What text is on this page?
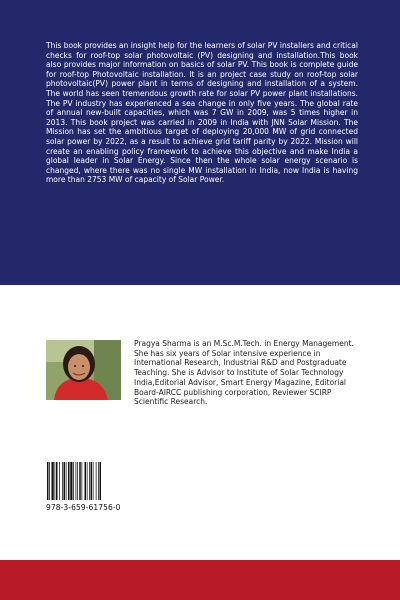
This book provides an insight help for the learners of solar PV installers and critical checks for roof-top solar photovoltaic (PV) designing and installation.This book also provides major information on basics of solar PV. This book is complete guide for roof-top Photovoltaic installation. It is an project case study on roof-top solar photovoltaic(PV) power plant in terms of designing and installation of a system. The world has seen tremendous growth rate for solar PV power plant installations. The PV industry has experienced a sea change in only five years. The global rate of annual new-built capacities, which was 7 GW in 2009, was 5 times higher in 2013. This book project was carried in 2009 in India with JNN Solar Mission. The Mission has set the ambitious target of deploying 20,000 MW of grid connected solar power by 2022, as a result to achieve grid tariff parity by 2022. Mission will create an enabling policy framework to achieve this objective and make India a global leader in Solar Energy. Since then the whole solar energy scenario is changed, where there was no single MW installation in India, now India is having more than 2753 MW of capacity of Solar Power.

Pragya Sharma is an M.Sc.M.Tech. in Energy Management. She has six years of Solar intensive experience in International Research, Industrial R&D and Postgraduate Teaching. She is Advisor to Institute of Solar Technology India,Editorial Advisor, Smart Energy Magazine, Editorial Board-AIRCC publishing corporation, Reviewer SCIRP Scientific Research.

978-3-659-61756-0
